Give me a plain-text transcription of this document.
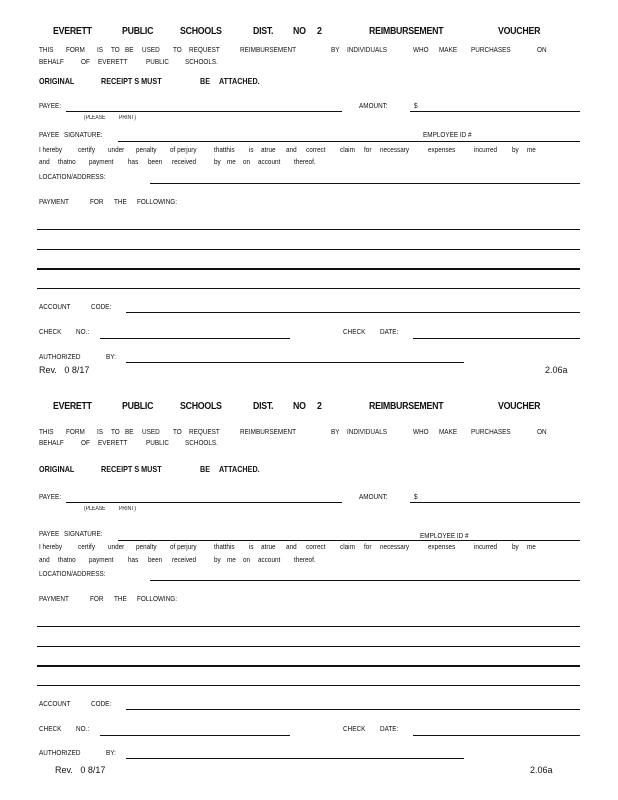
EVERETT	PUBLIC	SCHOOLS	DIST. NO 2	REIMBURSEMENT	VOUCHER
THIS FORM IS TO BE USED TO REQUEST	REIMBURSEMENT	BY INDIVIDUALS	WHO MAKE PURCHASES	ON
BEHALF OF EVERETT PUBLIC SCHOOLS.
ORIGINAL	RECEIPT S MUST	BE ATTACHED.
PAYEE:
(PLEASE PRINT)
AMOUNT:	$
PAYEE SIGNATURE:	EMPLOYEE ID #
I hereby certify under penalty of perjury thatthis is atrue and correct claim for necessary	expenses incurred by me
and thatno payment has been received by me on account thereof.
LOCATION/ADDRESS:
PAYMENT	FOR THE FOLLOWING:
ACCOUNT	CODE:
CHECK NO.:	CHECK DATE:
AUTHORIZED	BY:
Rev.   0 8/17	2.06a
EVERETT	PUBLIC	SCHOOLS	DIST. NO 2	REIMBURSEMENT	VOUCHER
THIS FORM IS TO BE USED TO REQUEST	REIMBURSEMENT	BY INDIVIDUALS	WHO MAKE PURCHASES	ON
BEHALF OF EVERETT PUBLIC SCHOOLS.
ORIGINAL	RECEIPT S MUST	BE ATTACHED.
PAYEE:
(PLEASE PRINT)
AMOUNT:	$
PAYEE SIGNATURE:	EMPLOYEE ID #
I hereby certify under penalty of perjury thatthis is atrue and correct claim for necessary	expenses incurred by me
and thatno payment has been received by me on account thereof.
LOCATION/ADDRESS:
PAYMENT	FOR THE FOLLOWING:
ACCOUNT	CODE:
CHECK NO.:	CHECK DATE:
AUTHORIZED	BY:
Rev.   0 8/17	2.06a
